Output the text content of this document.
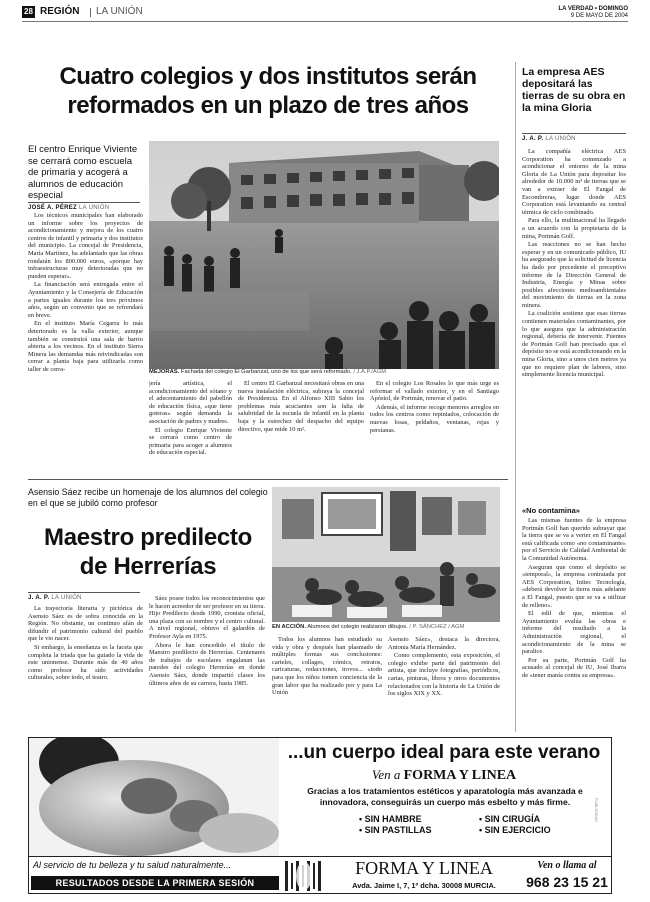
28 REGIÓN LA UNIÓN	LA VERDAD • DOMINGO
9 DE MAYO DE 2004
Cuatro colegios y dos institutos serán reformados en un plazo de tres años
El centro Enrique Viviente se cerrará como escuela de primaria y acogerá a alumnos de educación especial
JOSÉ A. PÉREZ LA UNIÓN
MEJORAS. Fachada del colegio El Garbanzal, uno de los que será reformado. / J.A.P./AGM

Los técnicos municipales han elaborado un informe sobre los proyectos de acondicionamiento y mejora de los cuatro centros de infantil y primaria y dos institutos del municipio. La concejal de Presidencia, María Martínez, ha adelantado que las obras rondarán los 800.000 euros, «porque hay infraestructuras muy deterioradas que no pueden esperar».

La financiación será entregada entre el Ayuntamiento y la Consejería de Educación a partes iguales durante los tres próximos años, según un convenio que se refrendará en breve.

En el instituto María Cegarra lo más deteriorado es la valla exterior, aunque también se construirá una sala de barrio abierta a los vecinos. En el instituto Sierra Minera las demandas más reivindicadas son cerrar a planta baja para utilizarla como taller de cerra-

jería artística, el acondicionamiento del sótano y el adecentamiento del pabellón de educación física, «que tiene goteras» según demanda la asociación de padres y madres.

El colegio Enrique Viviente se cerrará como centro de primaria para acoger a alumnos de educación especial.

El centro El Garbanzal necesitará obras en una nueva instalación eléctrica, subraya la concejal de Presidencia. En el Alfonso XIII Sabio los problemas más acuciantes son la falta de salubridad de la escuela de infantil en la planta baja y la estrechez del despacho del equipo directivo, que mide 10 m².

En el colegio Los Rosales lo que más urge es reformar el vallado exterior, y en el Santiago Apóstol, de Portmán, renovar el patio.

Además, el informe recoge menores arreglos en todos los centros como repintados, colocación de nuevas losas, peldaños, ventanas, rejas y persianas.

La empresa AES depositará las tierras de su obra en la mina Gloria
J. A. P. LA UNIÓN

La compañía eléctrica AES Corporation ha comenzado a acondicionar el entorno de la mina Gloria de La Unión para depositar los alrededor de 10.000 m³ de tierras que se van a extraer de El Fangal de Escombreras, lugar donde AES Corporation está levantando su central térmica de ciclo combinado.

Para ello, la multinacional ha llegado a un acuerdo con la propietaria de la mina, Portmán Golf.

Las reacciones no se han hecho esperar y en un comunicado público, IU ha asegurado que la solicitud de licencia ha dado por precedente el preceptivo informe de la Dirección General de Industria, Energía y Minas sobre posibles afecciones medioambientales del movimiento de tierras en la zona minera.

La coalición sostiene que esas tierras contienen materiales contaminantes, por lo que asegura que la administración regional, debería de intervenir. Fuentes de Portmán Golf han precisado que el depósito no se está acondicionando en la mina Gloria, sino a unos cien metros ya que no requiere plan de labores, sino simplemente licencia municipal.

«No contamina»

Las mismas fuentes de la empresa Portmán Golf han querido subrayar que la tierra que se va a verter en El Fangal está calificada como «no contaminante» por el Servicio de Calidad Ambiental de la Comunidad Autónoma.

Aseguran que como el depósito se «temporal», la empresa contratada por AES Corporation, Initec Tecnología, «deberá devolver la tierra más adelante a El Fangal, puesto que se va a utilizar de relleno».

El edil de que, mientras el Ayuntamiento evalúa las obras e informe del resultado a la Administración regional, el acondicionamiento de la mina se paralice.

Por su parte, Portmán Golf ha acusado al concejal de IU, José Ibarra de «tener manía contra su empresa».

Asensio Sáez recibe un homenaje de los alumnos del colegio en el que se jubiló como profesor
Maestro predilecto de Herrerías
J. A. P. LA UNIÓN

La trayectoria literaria y pictórica de Asensio Sáez es de sobra conocida en la Región. No obstante, un continuo afán de difundir el patrimonio cultural del pueblo que le vio nacer.

Si embargo, la enseñanza es la faceta que completa la triada que ha guiado la vida de este unionense. Durante más de 40 años como profesor ha sido actividades culturales, sobre todo, el teatro.

Sáez posee todos los reconocimientos que le hacen acreedor de ser profesor en su tierra. Hijo Predilecto desde 1990, cronista oficial, una plaza con su nombre y el centro cultural. A nivel regional, obtuvo el galardón de Profesor Ayla en 1975.

Ahora le han concedido el título de Maestro predilecto de Herrerías. Centenares de trabajos de escolares engalanan las paredes del colegio Herrerías en donde Asensio Sáez, donde impartió clases los últimos años de su carrera, hasta 1985.

EN ACCIÓN. Alumnos del colegio realizaron dibujos. / P. SÁNCHEZ / AGM

Todos los alumnos han estudiado su vida y obra y después han plasmado de múltiples formas sus conclusiones: carteles, collages, cómics, retratos, caricaturas, redacciones, trovos... «todo para que los niños tomen conciencia de la gran labor que ha realizado por y para La Unión

Asensio Sáez», destaca la directora, Antonia María Hernández.

Como complemento, esta exposición, el colegio exhibe parte del patrimonio del artista, que incluye fotografías, periódicos, cartas, pinturas, libros y otros documentos relacionados con la historia de La Unión de los siglos XIX y XX.

...un cuerpo ideal para este verano
Ven a FORMA Y LINEA
Gracias a los tratamientos estéticos y aparatología más avanzada e innovadora, conseguirás un cuerpo más esbelto y más firme.
• SIN HAMBRE	• SIN CIRUGÍA
• SIN PASTILLAS	• SIN EJERCICIO
PUBLICIDAD
Al servicio de tu belleza y tu salud naturalmente...
RESULTADOS DESDE LA PRIMERA SESIÓN
FORMA Y LINEA
Avda. Jaime I, 7, 1º dcha. 30008 MURCIA.
Ven o llama al
968 23 15 21
